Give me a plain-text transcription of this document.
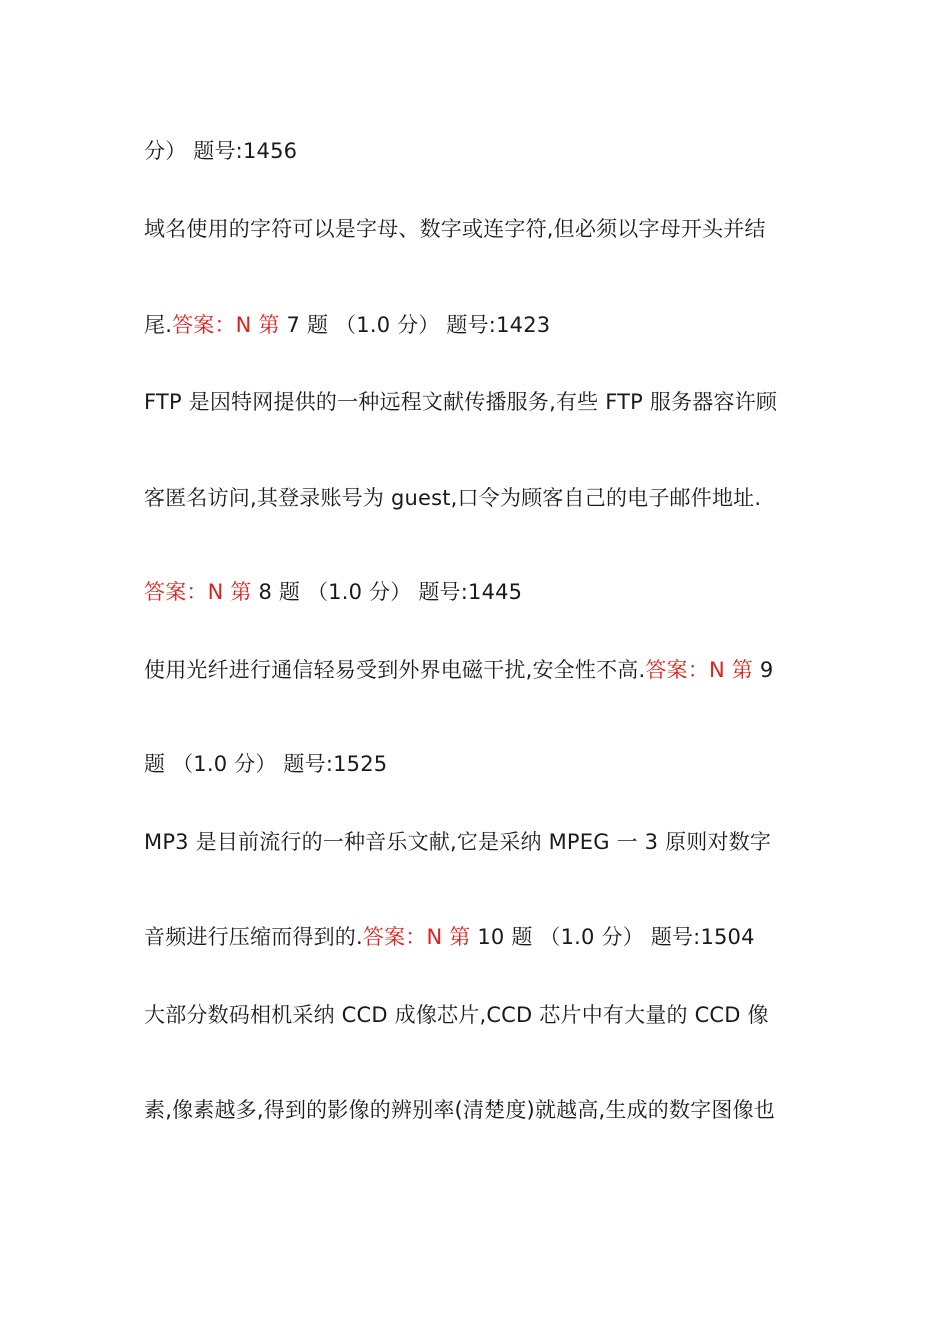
分） 题号:1456
域名使用的字符可以是字母、数字或连字符,但必须以字母开头并结
尾.答案：N 第 7 题 （1.0 分） 题号:1423
FTP 是因特网提供的一种远程文献传播服务,有些 FTP 服务器容许顾
客匿名访问,其登录账号为 guest,口令为顾客自己的电子邮件地址.
答案：N 第 8 题 （1.0 分） 题号:1445
使用光纤进行通信轻易受到外界电磁干扰,安全性不高.答案：N 第 9
题 （1.0 分） 题号:1525
MP3 是目前流行的一种音乐文献,它是采纳 MPEG 一 3 原则对数字
音频进行压缩而得到的.答案：N 第 10 题 （1.0 分） 题号:1504
大部分数码相机采纳 CCD 成像芯片,CCD 芯片中有大量的 CCD 像
素,像素越多,得到的影像的辨别率(清楚度)就越高,生成的数字图像也
